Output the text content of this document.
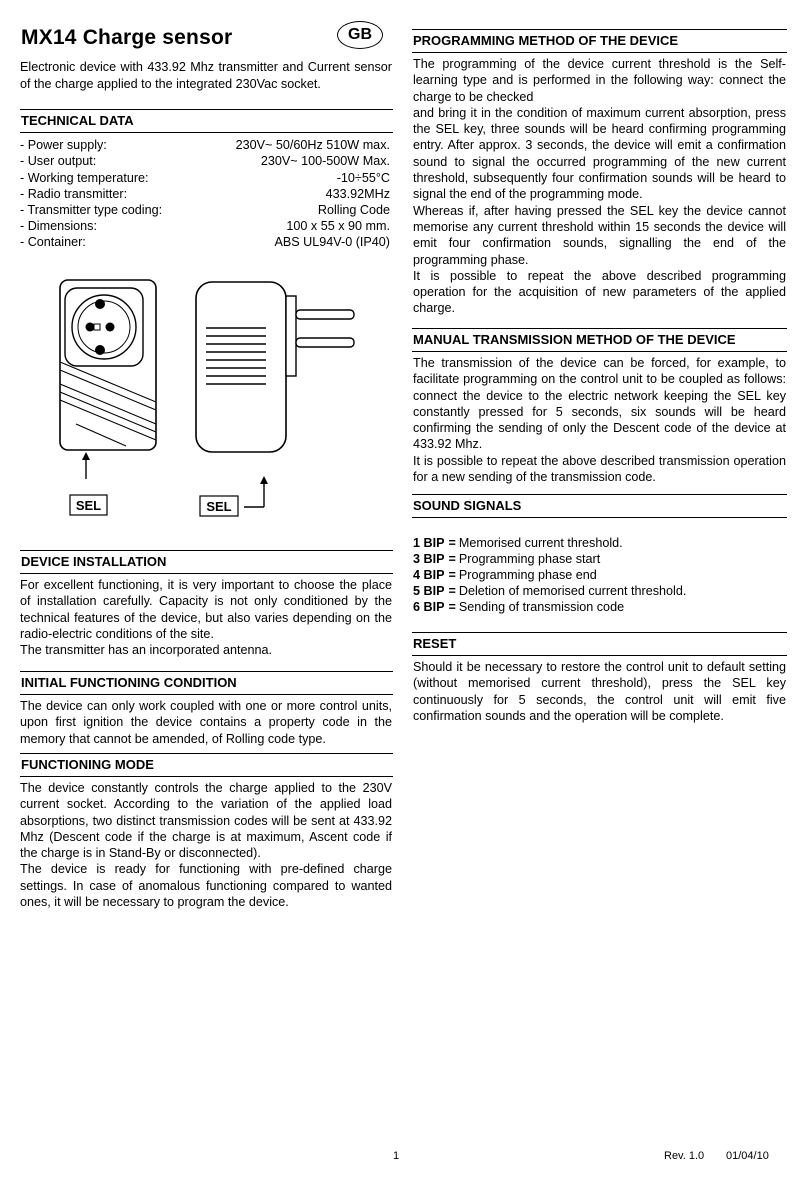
MX14 Charge sensor	GB
Electronic device with 433.92 Mhz transmitter and Current sensor of the charge applied to the integrated 230Vac socket.
TECHNICAL DATA
- Power supply:	230V~ 50/60Hz 510W max.
- User output:	230V~ 100-500W Max.
- Working temperature:	-10÷55°C
- Radio transmitter:	433.92MHz
- Transmitter type coding:	Rolling Code
- Dimensions:	100 x 55 x 90 mm.
- Container:	ABS UL94V-0 (IP40)
SEL	SEL
DEVICE INSTALLATION

For excellent functioning, it is very important to choose the place of installation carefully. Capacity is not only conditioned by the technical features of the device, but also varies depending on the radio-electric conditions of the site.

The transmitter has an incorporated antenna.

INITIAL FUNCTIONING CONDITION

The device can only work coupled with one or more control units, upon first ignition the device contains a property code in the memory that cannot be amended, of Rolling code type.

FUNCTIONING MODE

The device constantly controls the charge applied to the 230V current socket. According to the variation of the applied load absorptions, two distinct transmission codes will be sent at 433.92 Mhz (Descent code if the charge is at maximum, Ascent code if the charge is in Stand-By or disconnected).

The device is ready for functioning with pre-defined charge settings. In case of anomalous functioning compared to wanted ones, it will be necessary to program the device.

PROGRAMMING METHOD OF THE DEVICE

The programming of the device current threshold is the Self-learning type and is performed in the following way: connect the charge to be checked

and bring it in the condition of maximum current absorption, press the SEL key, three sounds will be heard confirming programming entry. After approx. 3 seconds, the device will emit a confirmation sound to signal the occurred programming of the new current threshold, subsequently four confirmation sounds will be heard to signal the end of the programming mode.

Whereas if, after having pressed the SEL key the device cannot memorise any current threshold within 15 seconds the device will emit four confirmation sounds, signalling the end of the programming phase.

It is possible to repeat the above described programming operation for the acquisition of new parameters of the applied charge.

MANUAL TRANSMISSION METHOD OF THE DEVICE

The transmission of the device can be forced, for example, to facilitate programming on the control unit to be coupled as follows: connect the device to the electric network keeping the SEL key constantly pressed for 5 seconds, six sounds will be heard confirming the sending of only the Descent code of the device at 433.92 Mhz.

It is possible to repeat the above described transmission operation for a new sending of the transmission code.

SOUND SIGNALS
1 BIP = Memorised current threshold.
3 BIP = Programming phase start
4 BIP = Programming phase end
5 BIP = Deletion of memorised current threshold.
6 BIP = Sending of transmission code
RESET

Should it be necessary to restore the control unit to default setting (without memorised current threshold), press the SEL key continuously for 5 seconds, the control unit will emit five confirmation sounds and the operation will be complete.

1	Rev. 1.0 01/04/10
